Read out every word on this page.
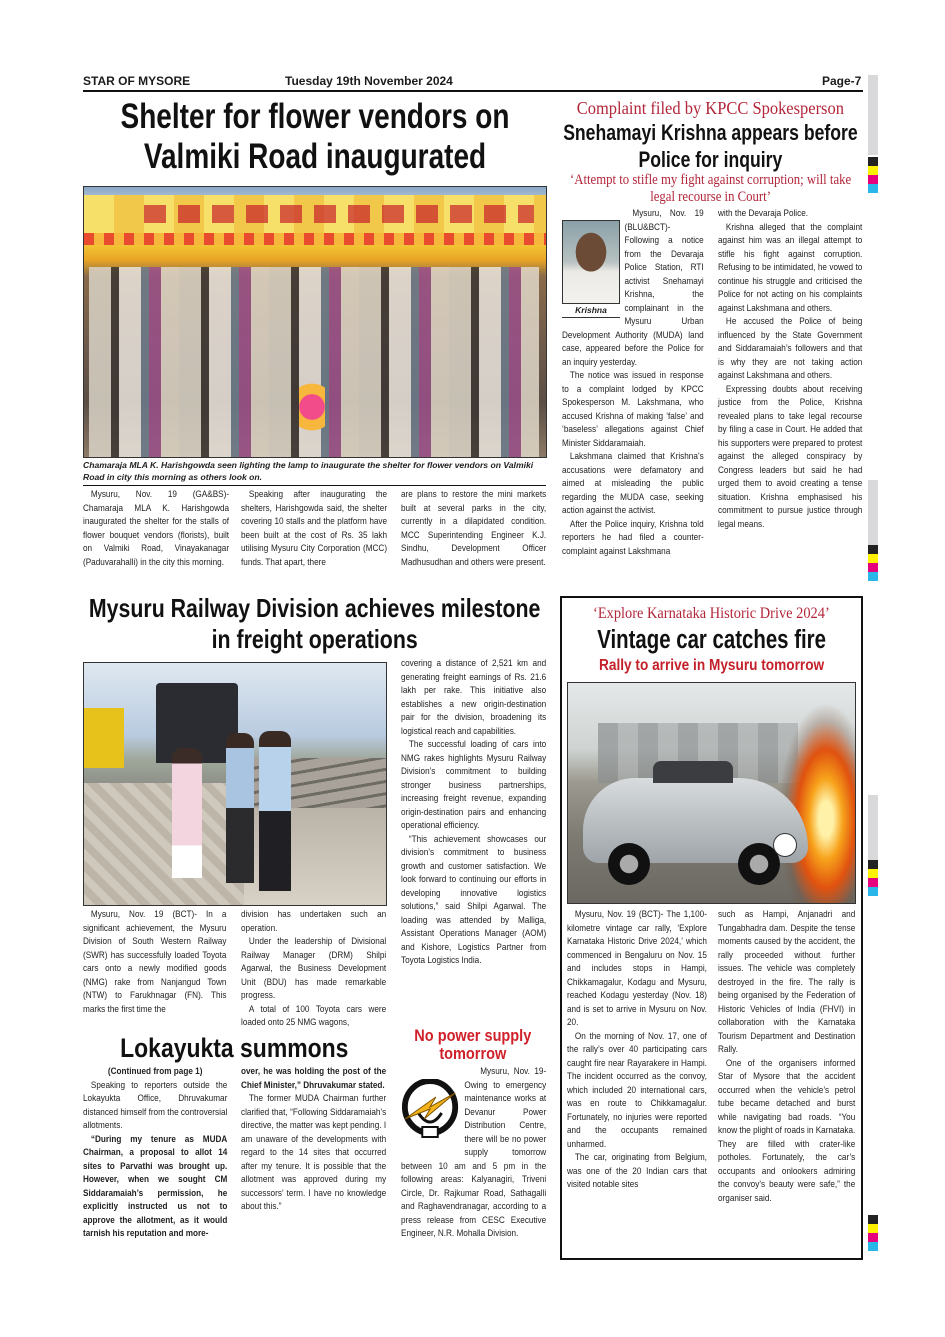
STAR OF MYSORE	Tuesday 19th November 2024	Page-7
Shelter for flower vendors on Valmiki Road inaugurated
Chamaraja MLA K. Harishgowda seen lighting the lamp to inaugurate the shelter for flower vendors on Valmiki Road in city this morning as others look on.

Mysuru, Nov. 19 (GA&BS)- Chamaraja MLA K. Harishgowda inaugurated the shelter for the stalls of flower bouquet vendors (florists), built on Valmiki Road, Vinayakanagar (Paduvarahalli) in the city this morning.

Speaking after inaugurating the shelters, Harishgowda said, the shelter covering 10 stalls and the platform have been built at the cost of Rs. 35 lakh utilising Mysuru City Corporation (MCC) funds. That apart, there

are plans to restore the mini markets built at several parks in the city, currently in a dilapidated condition. MCC Superintending Engineer K.J. Sindhu, Development Officer Madhusudhan and others were present.

Complaint filed by KPCC Spokesperson
Snehamayi Krishna appears before Police for inquiry
‘Attempt to stifle my fight against corruption; will take legal recourse in Court’
Krishna

Mysuru, Nov. 19 (BLU&BCT)- Following a notice from the Devaraja Police Station, RTI activist Snehamayi Krishna, the complainant in the Mysuru Urban Development Authority (MUDA) land case, appeared before the Police for an inquiry yesterday.

The notice was issued in response to a complaint lodged by KPCC Spokesperson M. Lakshmana, who accused Krishna of making ‘false’ and ‘baseless’ allegations against Chief Minister Siddaramaiah.

Lakshmana claimed that Krishna’s accusations were defamatory and aimed at misleading the public regarding the MUDA case, seeking action against the activist.

After the Police inquiry, Krishna told reporters he had filed a counter-complaint against Lakshmana

with the Devaraja Police.

Krishna alleged that the complaint against him was an illegal attempt to stifle his fight against corruption. Refusing to be intimidated, he vowed to continue his struggle and criticised the Police for not acting on his complaints against Lakshmana and others.

He accused the Police of being influenced by the State Government and Siddaramaiah’s followers and that is why they are not taking action against Lakshmana and others.

Expressing doubts about receiving justice from the Police, Krishna revealed plans to take legal recourse by filing a case in Court. He added that his supporters were prepared to protest against the alleged conspiracy by Congress leaders but said he had urged them to avoid creating a tense situation. Krishna emphasised his commitment to pursue justice through legal means.

Mysuru Railway Division achieves milestone in freight operations

Mysuru, Nov. 19 (BCT)- In a significant achievement, the Mysuru Division of South Western Railway (SWR) has successfully loaded Toyota cars onto a newly modified goods (NMG) rake from Nanjangud Town (NTW) to Farukhnagar (FN). This marks the first time the

division has undertaken such an operation.

Under the leadership of Divisional Railway Manager (DRM) Shilpi Agarwal, the Business Development Unit (BDU) has made remarkable progress.

A total of 100 Toyota cars were loaded onto 25 NMG wagons,

covering a distance of 2,521 km and generating freight earnings of Rs. 21.6 lakh per rake. This initiative also establishes a new origin-destination pair for the division, broadening its logistical reach and capabilities.

The successful loading of cars into NMG rakes highlights Mysuru Railway Division’s commitment to building stronger business partnerships, increasing freight revenue, expanding origin-destination pairs and enhancing operational efficiency.

“This achievement showcases our division’s commitment to business growth and customer satisfaction. We look forward to continuing our efforts in developing innovative logistics solutions,” said Shilpi Agarwal. The loading was attended by Malliga, Assistant Operations Manager (AOM) and Kishore, Logistics Partner from Toyota Logistics India.

Lokayukta summons

(Continued from page 1)

Speaking to reporters outside the Lokayukta Office, Dhruvakumar distanced himself from the controversial allotments.

“During my tenure as MUDA Chairman, a proposal to allot 14 sites to Parvathi was brought up. However, when we sought CM Siddaramaiah’s permission, he explicitly instructed us not to approve the allotment, as it would tarnish his reputation and more-

over, he was holding the post of the Chief Minister,” Dhruvakumar stated.

The former MUDA Chairman further clarified that, “Following Siddaramaiah’s directive, the matter was kept pending. I am unaware of the developments with regard to the 14 sites that occurred after my tenure. It is possible that the allotment was approved during my successors’ term. I have no knowledge about this.”

No power supply tomorrow

Mysuru, Nov. 19- Owing to emergency maintenance works at Devanur Power Distribution Centre, there will be no power supply tomorrow between 10 am and 5 pm in the following areas: Kalyanagiri, Triveni Circle, Dr. Rajkumar Road, Sathagalli and Raghavendranagar, according to a press release from CESC Executive Engineer, N.R. Mohalla Division.

‘Explore Karnataka Historic Drive 2024’
Vintage car catches fire
Rally to arrive in Mysuru tomorrow

Mysuru, Nov. 19 (BCT)- The 1,100-kilometre vintage car rally, ‘Explore Karnataka Historic Drive 2024,’ which commenced in Bengaluru on Nov. 15 and includes stops in Hampi, Chikkamagalur, Kodagu and Mysuru, reached Kodagu yesterday (Nov. 18) and is set to arrive in Mysuru on Nov. 20.

On the morning of Nov. 17, one of the rally’s over 40 participating cars caught fire near Rayarakere in Hampi. The incident occurred as the convoy, which included 20 international cars, was en route to Chikkamagalur. Fortunately, no injuries were reported and the occupants remained unharmed.

The car, originating from Belgium, was one of the 20 Indian cars that visited notable sites

such as Hampi, Anjanadri and Tungabhadra dam. Despite the tense moments caused by the accident, the rally proceeded without further issues. The vehicle was completely destroyed in the fire. The rally is being organised by the Federation of Historic Vehicles of India (FHVI) in collaboration with the Karnataka Tourism Department and Destination Rally.

One of the organisers informed Star of Mysore that the accident occurred when the vehicle’s petrol tube became detached and burst while navigating bad roads. “You know the plight of roads in Karnataka. They are filled with crater-like potholes. Fortunately, the car’s occupants and onlookers admiring the convoy’s beauty were safe,” the organiser said.
